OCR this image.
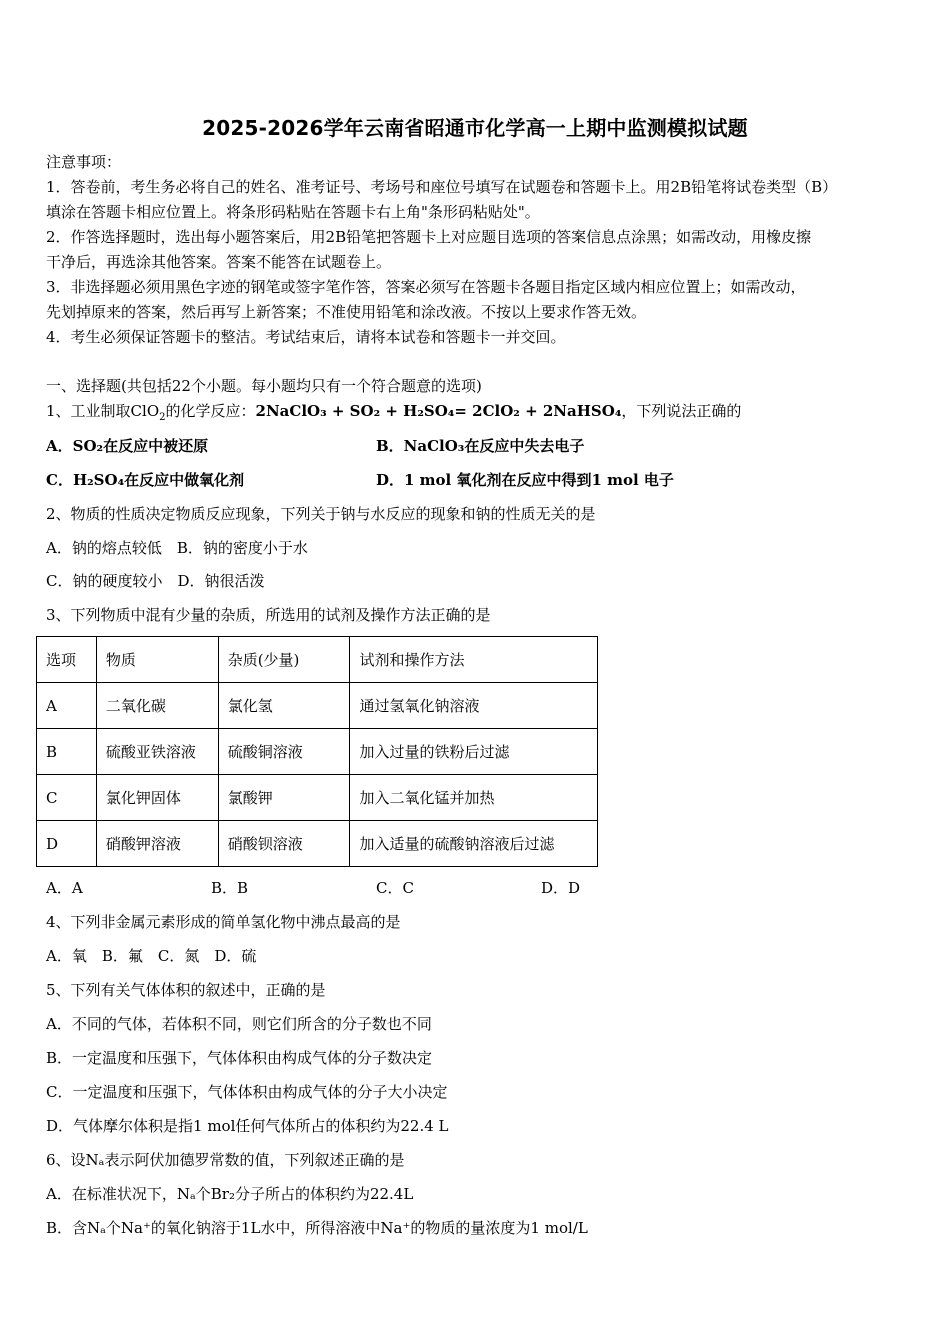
2025-2026学年云南省昭通市化学高一上期中监测模拟试题
注意事项：
1．答卷前，考生务必将自己的姓名、准考证号、考场号和座位号填写在试题卷和答题卡上。用2B铅笔将试卷类型（B）
填涂在答题卡相应位置上。将条形码粘贴在答题卡右上角"条形码粘贴处"。
2．作答选择题时，选出每小题答案后，用2B铅笔把答题卡上对应题目选项的答案信息点涂黑；如需改动，用橡皮擦
干净后，再选涂其他答案。答案不能答在试题卷上。
3．非选择题必须用黑色字迹的钢笔或签字笔作答，答案必须写在答题卡各题目指定区域内相应位置上；如需改动，
先划掉原来的答案，然后再写上新答案；不准使用铅笔和涂改液。不按以上要求作答无效。
4．考生必须保证答题卡的整洁。考试结束后，请将本试卷和答题卡一并交回。
一、选择题(共包括22个小题。每小题均只有一个符合题意的选项)
1、工业制取ClO$_2$的化学反应：2NaClO₃ + SO₂ + H₂SO₄= 2ClO₂ + 2NaHSO₄，下列说法正确的
A．SO₂在反应中被还原	B．NaClO₃在反应中失去电子
C．H₂SO₄在反应中做氧化剂	D．1 mol 氧化剂在反应中得到1 mol 电子
2、物质的性质决定物质反应现象，下列关于钠与水反应的现象和钠的性质无关的是
A．钠的熔点较低　B．钠的密度小于水
C．钠的硬度较小　D．钠很活泼
3、下列物质中混有少量的杂质，所选用的试剂及操作方法正确的是
选项	物质	杂质(少量)	试剂和操作方法
A	二氧化碳	氯化氢	通过氢氧化钠溶液
B	硫酸亚铁溶液	硫酸铜溶液	加入过量的铁粉后过滤
C	氯化钾固体	氯酸钾	加入二氧化锰并加热
D	硝酸钾溶液	硝酸钡溶液	加入适量的硫酸钠溶液后过滤
A．A	B．B	C．C	D．D
4、下列非金属元素形成的简单氢化物中沸点最高的是
A．氧　B．氟　C．氮　D．硫
5、下列有关气体体积的叙述中，正确的是
A．不同的气体，若体积不同，则它们所含的分子数也不同
B．一定温度和压强下，气体体积由构成气体的分子数决定
C．一定温度和压强下，气体体积由构成气体的分子大小决定
D．气体摩尔体积是指1 mol任何气体所占的体积约为22.4 L
6、设Nₐ表示阿伏加德罗常数的值，下列叙述正确的是
A．在标准状况下，Nₐ个Br₂分子所占的体积约为22.4L
B．含Nₐ个Na⁺的氧化钠溶于1L水中，所得溶液中Na⁺的物质的量浓度为1 mol/L
